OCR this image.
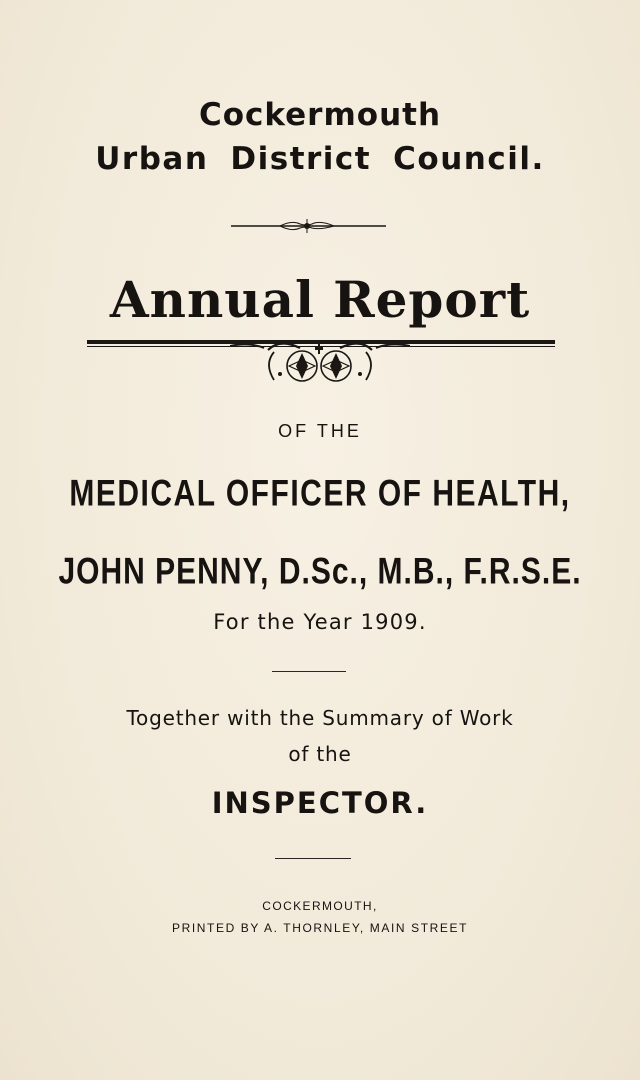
Cockermouth
Urban District Council.
Annual Report
OF THE
MEDICAL OFFICER OF HEALTH,
JOHN PENNY, D.Sc., M.B., F.R.S.E.
For the Year 1909.
Together with the Summary of Work
of the
INSPECTOR.
COCKERMOUTH,
PRINTED BY A. THORNLEY, MAIN STREET
